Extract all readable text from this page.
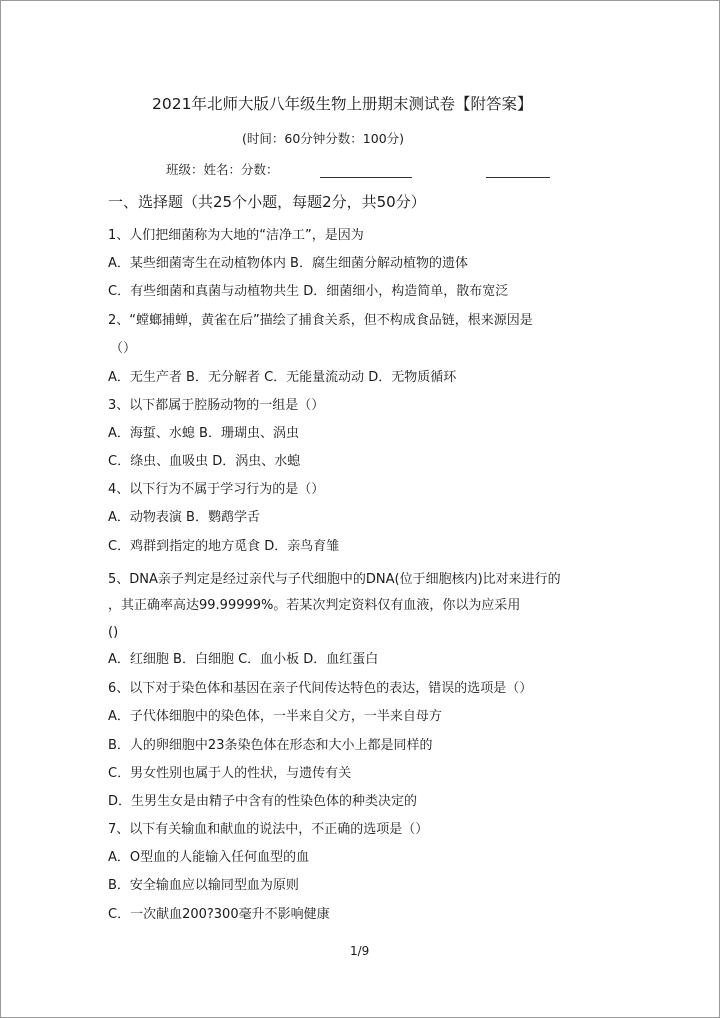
2021年北师大版八年级生物上册期末测试卷【附答案】
(时间：60分钟分数：100分)
班级：姓名：分数：
一、选择题（共25个小题，每题2分，共50分）
1、人们把细菌称为大地的“洁净工”，是因为
A．某些细菌寄生在动植物体内 B．腐生细菌分解动植物的遗体
C．有些细菌和真菌与动植物共生 D．细菌细小，构造简单，散布宽泛
2、“螳螂捕蝉，黄雀在后”描绘了捕食关系，但不构成食品链，根来源因是
（）
A．无生产者 B．无分解者 C．无能量流动动 D．无物质循环
3、以下都属于腔肠动物的一组是（）
A．海蜇、水螅 B．珊瑚虫、涡虫
C．绦虫、血吸虫 D．涡虫、水螅
4、以下行为不属于学习行为的是（）
A．动物表演 B．鹦鹉学舌
C．鸡群到指定的地方觅食 D．亲鸟育雏
5、DNA亲子判定是经过亲代与子代细胞中的DNA(位于细胞核内)比对来进行的
，其正确率高达99.99999%。若某次判定资料仅有血液，你以为应采用
()
A．红细胞 B．白细胞 C．血小板 D．血红蛋白
6、以下对于染色体和基因在亲子代间传达特色的表达，错误的选项是（）
A．子代体细胞中的染色体，一半来自父方，一半来自母方
B．人的卵细胞中23条染色体在形态和大小上都是同样的
C．男女性别也属于人的性状，与遗传有关
D．生男生女是由精子中含有的性染色体的种类决定的
7、以下有关输血和献血的说法中，不正确的选项是（）
A．O型血的人能输入任何血型的血
B．安全输血应以输同型血为原则
C．一次献血200?300毫升不影响健康
1/9
